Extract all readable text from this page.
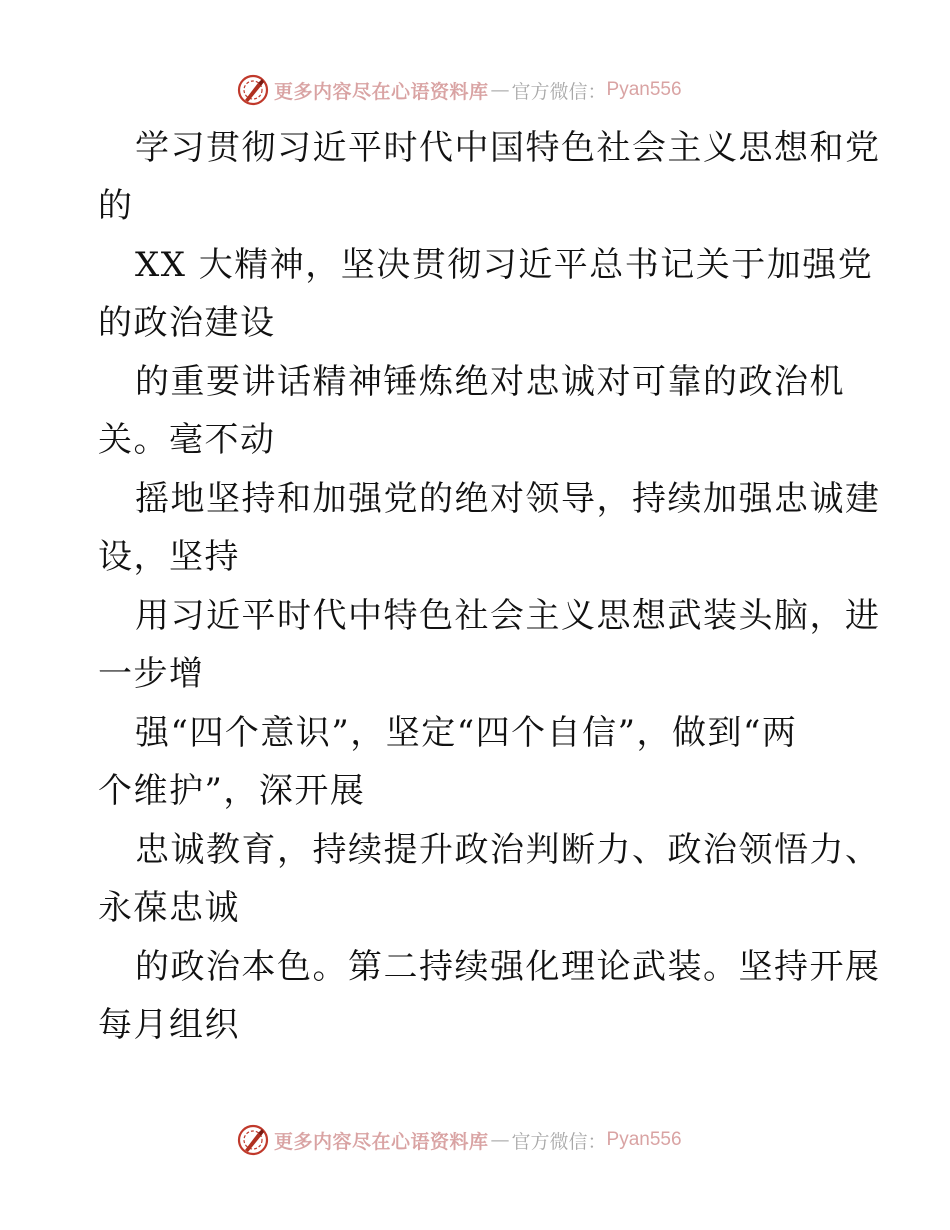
更多内容尽在心语资料库 — 官方微信： Pyan556
学习贯彻习近平时代中国特色社会主义思想和党
的
XX 大精神，坚决贯彻习近平总书记关于加强党
的政治建设
的重要讲话精神锤炼绝对忠诚对可靠的政治机
关。毫不动
摇地坚持和加强党的绝对领导，持续加强忠诚建
设，坚持
用习近平时代中特色社会主义思想武装头脑，进
一步增
强“四个意识”，坚定“四个自信”，做到“两
个维护”，深开展
忠诚教育，持续提升政治判断力、政治领悟力、
永葆忠诚
的政治本色。第二持续强化理论武装。坚持开展
每月组织
更多内容尽在心语资料库 — 官方微信： Pyan556
